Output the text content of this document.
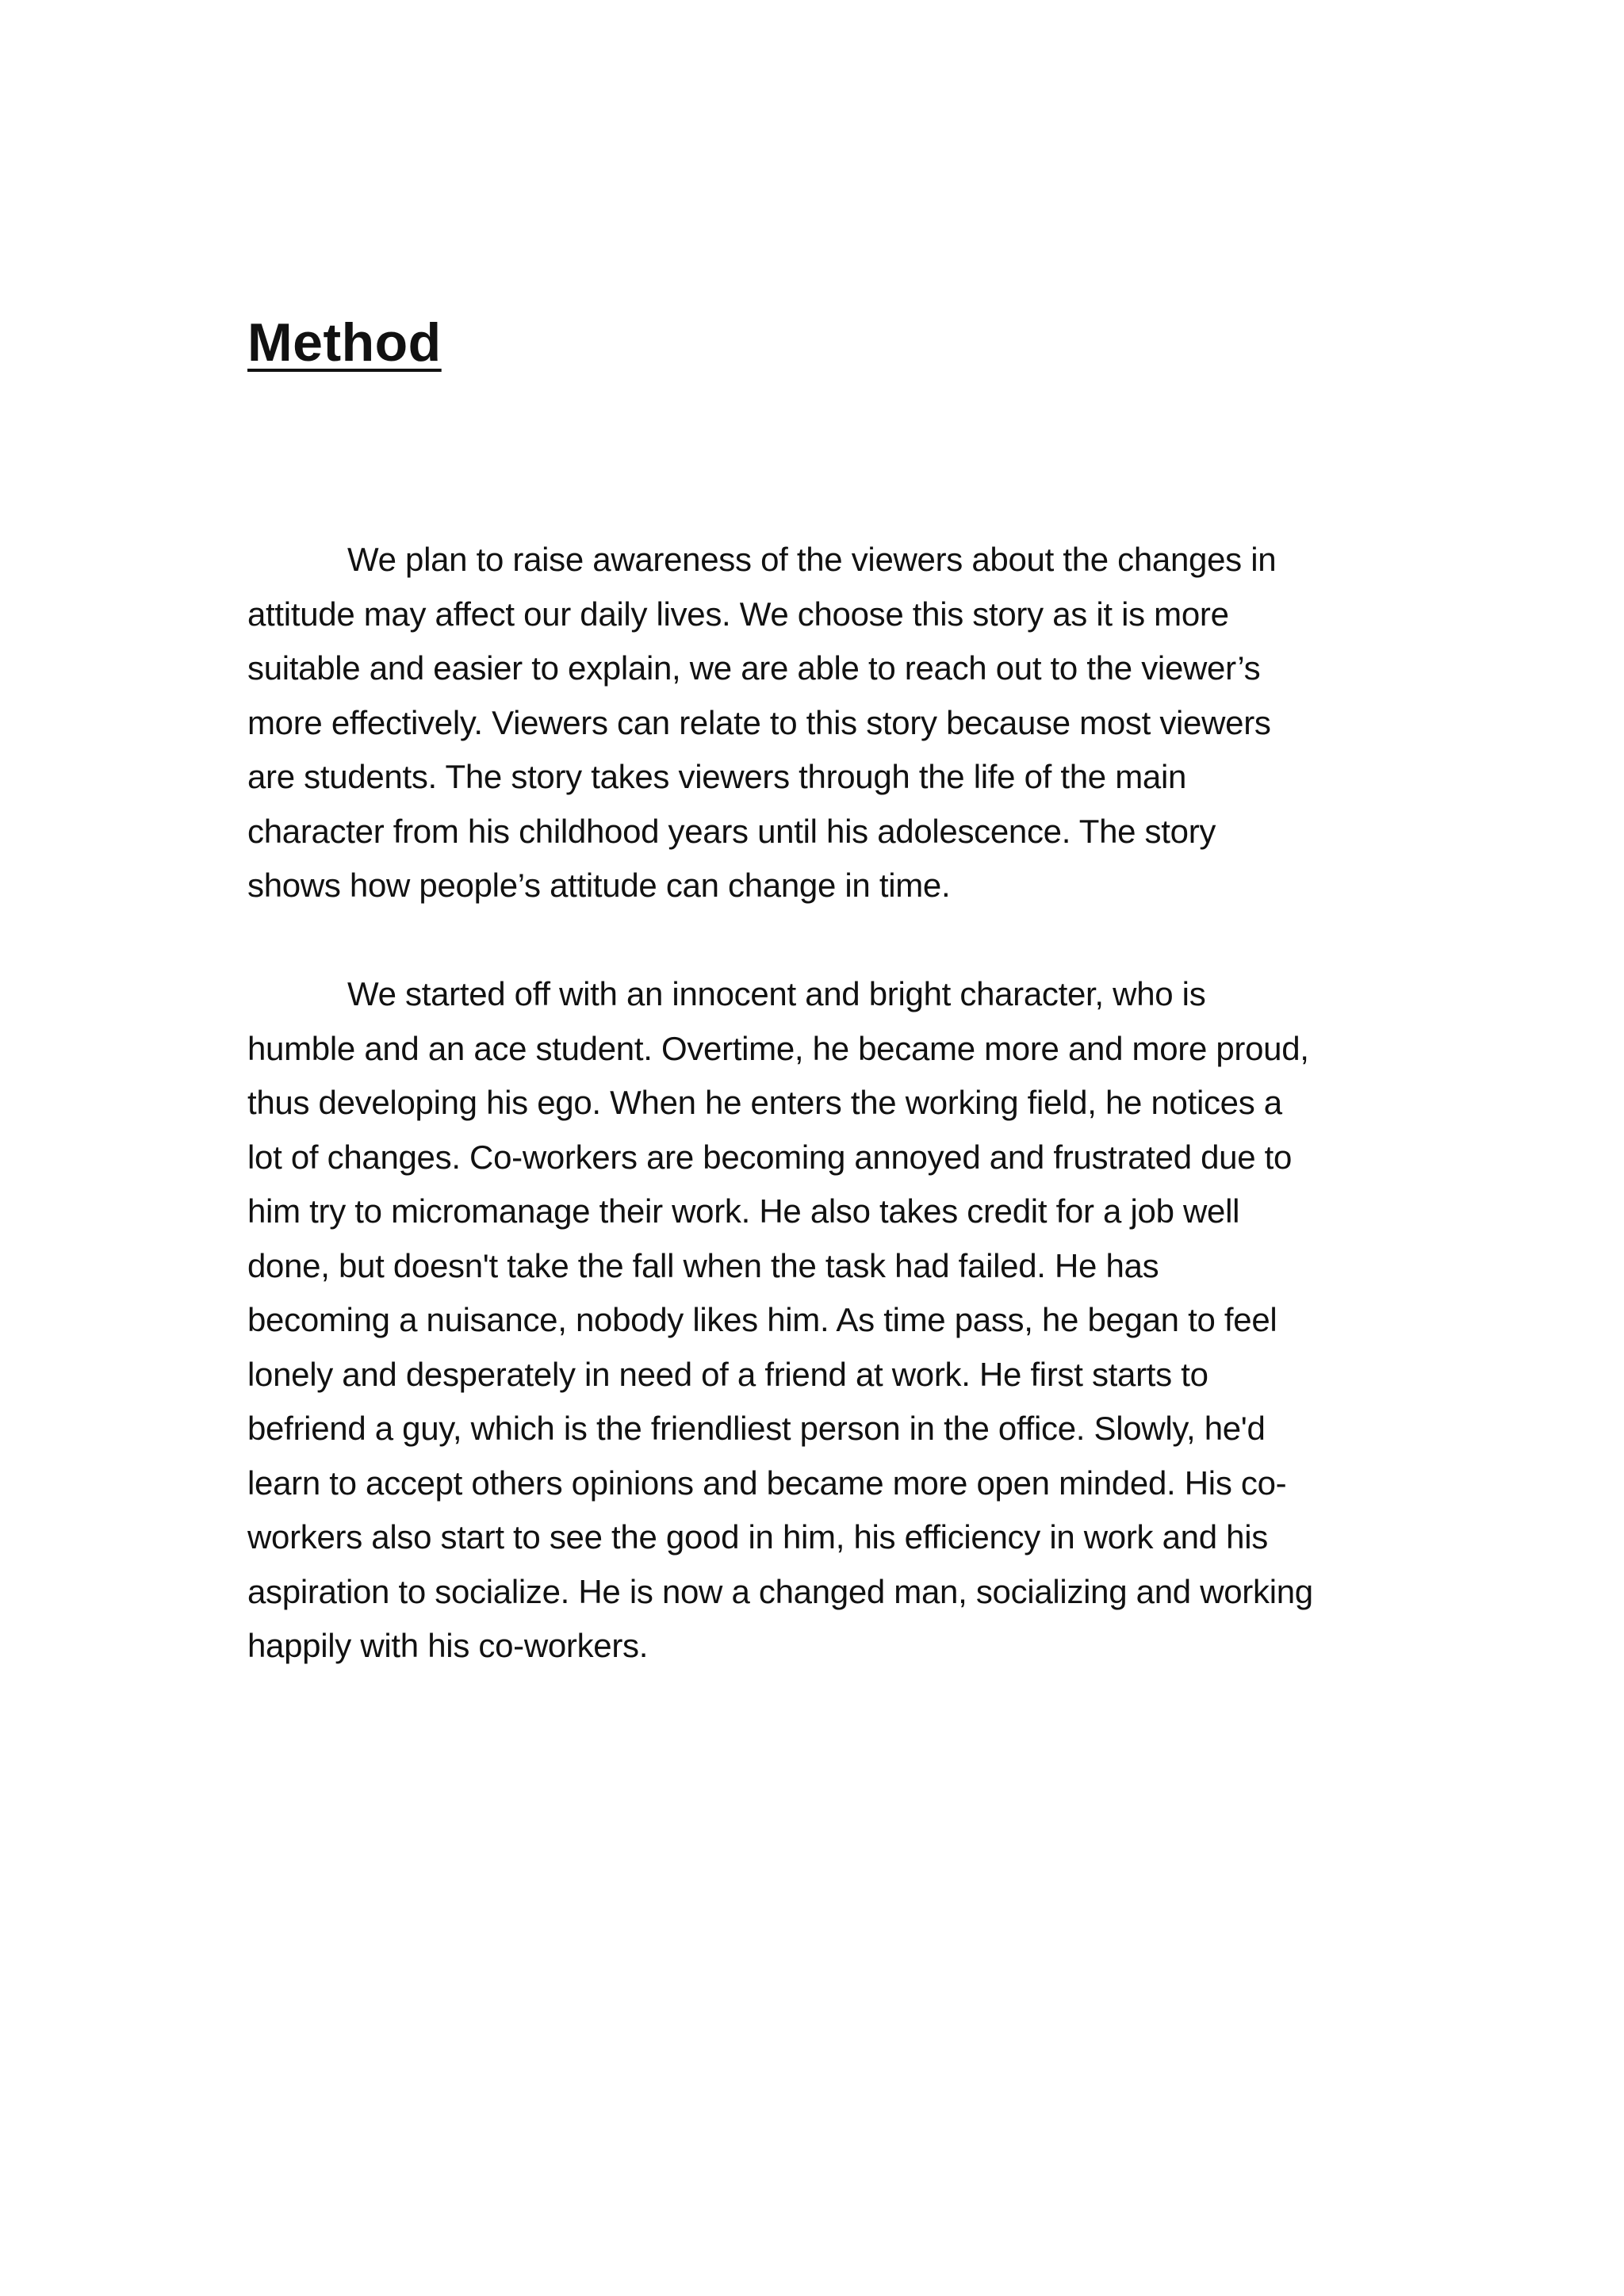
Method
We plan to raise awareness of the viewers about the changes in
attitude may affect our daily lives. We choose this story as it is more
suitable and easier to explain, we are able to reach out to the viewer’s
more effectively. Viewers can relate to this story because most viewers
are students. The story takes viewers through the life of the main
character from his childhood years until his adolescence. The story
shows how people’s attitude can change in time.
We started off with an innocent and bright character, who is
humble and an ace student. Overtime, he became more and more proud,
thus developing his ego. When he enters the working field, he notices a
lot of changes. Co-workers are becoming annoyed and frustrated due to
him try to micromanage their work. He also takes credit for a job well
done, but doesn't take the fall when the task had failed. He has
becoming a nuisance, nobody likes him. As time pass, he began to feel
lonely and desperately in need of a friend at work. He first starts to
befriend a guy, which is the friendliest person in the office. Slowly, he'd
learn to accept others opinions and became more open minded. His co-
workers also start to see the good in him, his efficiency in work and his
aspiration to socialize. He is now a changed man, socializing and working
happily with his co-workers.
